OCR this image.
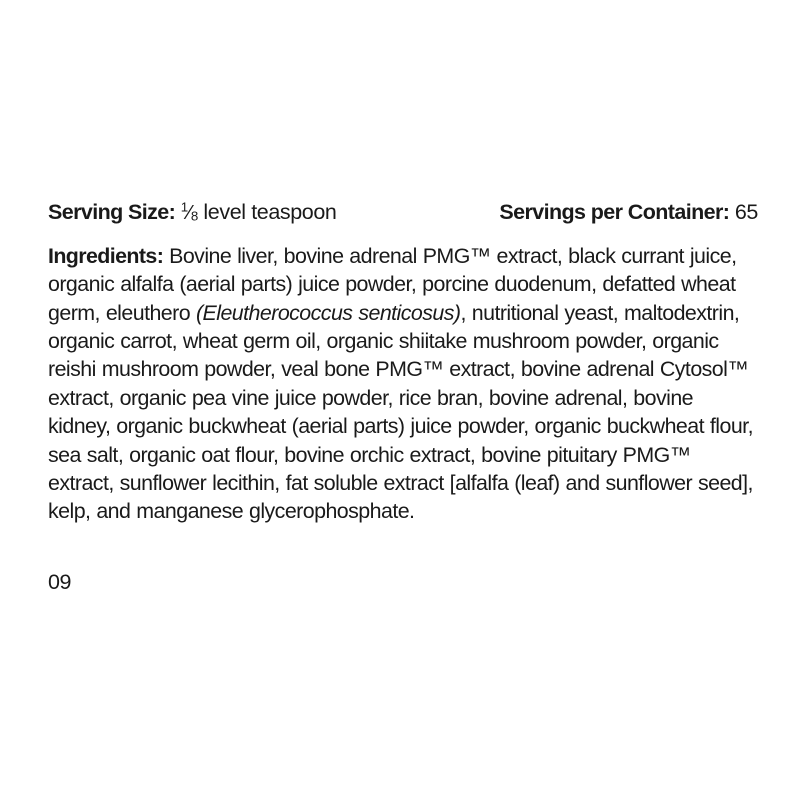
Serving Size: $^1⁄_8$ level teaspoon	Servings per Container: 65

Ingredients: Bovine liver, bovine adrenal PMG™ extract, black currant juice, organic alfalfa (aerial parts) juice powder, porcine duodenum, defatted wheat germ, eleuthero (Eleutherococcus senticosus), nutritional yeast, maltodextrin, organic carrot, wheat germ oil, organic shiitake mushroom powder, organic reishi mushroom powder, veal bone PMG™ extract, bovine adrenal Cytosol™ extract, organic pea vine juice powder, rice bran, bovine adrenal, bovine kidney, organic buckwheat (aerial parts) juice powder, organic buckwheat flour, sea salt, organic oat flour, bovine orchic extract, bovine pituitary PMG™ extract, sunflower lecithin, fat soluble extract [alfalfa (leaf) and sunflower seed], kelp, and manganese glycerophosphate.

09
